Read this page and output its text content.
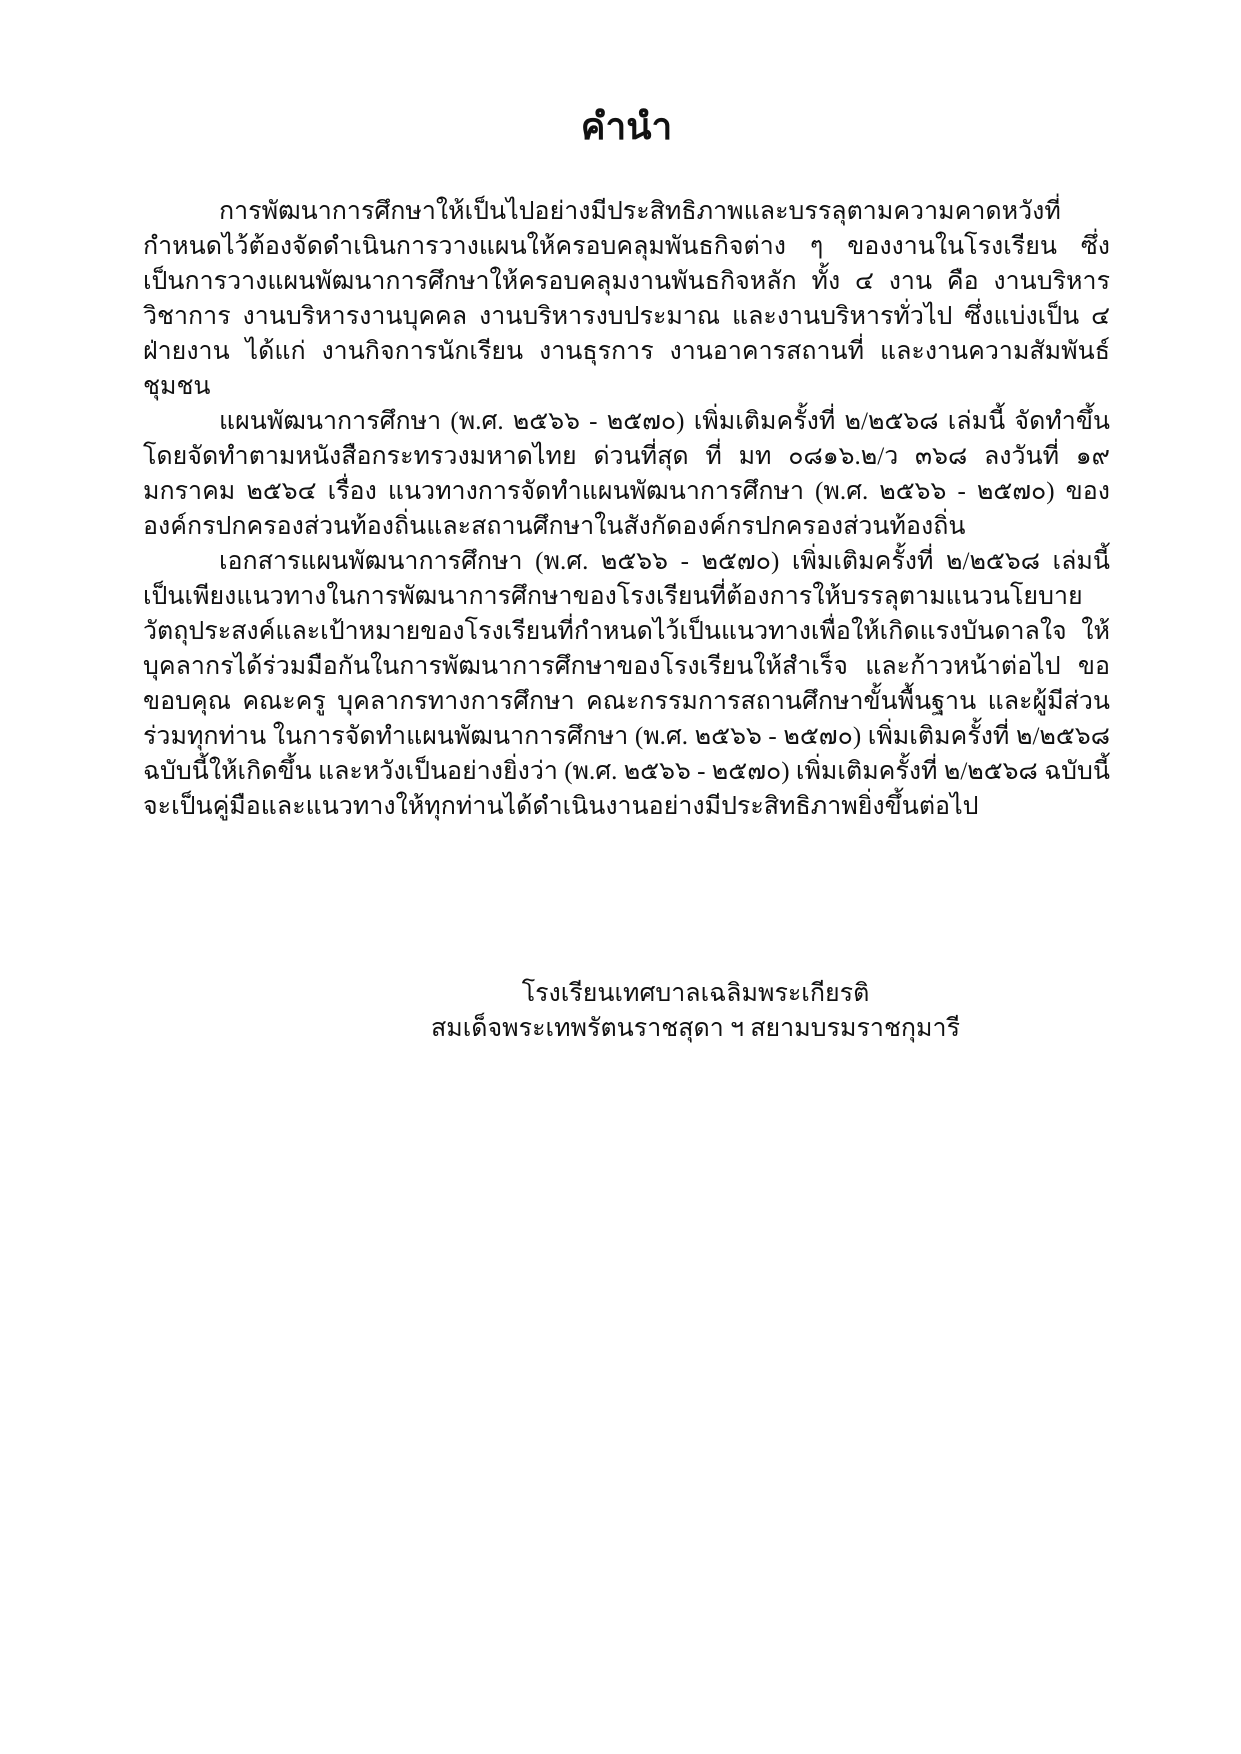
คำนำ

การพัฒนาการศึกษาให้เป็นไปอย่างมีประสิทธิภาพและบรรลุตามความคาดหวังที่กำหนดไว้ต้องจัดดำเนินการวางแผนให้ครอบคลุมพันธกิจต่าง ๆ ของงานในโรงเรียน ซึ่งเป็นการวางแผนพัฒนาการศึกษาให้ครอบคลุมงานพันธกิจหลัก ทั้ง ๔ งาน คือ งานบริหารวิชาการ งานบริหารงานบุคคล งานบริหารงบประมาณ และงานบริหารทั่วไป ซึ่งแบ่งเป็น ๔ ฝ่ายงาน ได้แก่ งานกิจการนักเรียน งานธุรการ งานอาคารสถานที่ และงานความสัมพันธ์ชุมชน

แผนพัฒนาการศึกษา (พ.ศ. ๒๕๖๖ - ๒๕๗๐) เพิ่มเติมครั้งที่ ๒/๒๕๖๘ เล่มนี้ จัดทำขึ้น โดยจัดทำตามหนังสือกระทรวงมหาดไทย ด่วนที่สุด ที่ มท ๐๘๑๖.๒/ว ๓๖๘ ลงวันที่ ๑๙ มกราคม ๒๕๖๔ เรื่อง แนวทางการจัดทำแผนพัฒนาการศึกษา (พ.ศ. ๒๕๖๖ - ๒๕๗๐) ขององค์กรปกครองส่วนท้องถิ่นและสถานศึกษาในสังกัดองค์กรปกครองส่วนท้องถิ่น

เอกสารแผนพัฒนาการศึกษา (พ.ศ. ๒๕๖๖ - ๒๕๗๐) เพิ่มเติมครั้งที่ ๒/๒๕๖๘ เล่มนี้ เป็นเพียงแนวทางในการพัฒนาการศึกษาของโรงเรียนที่ต้องการให้บรรลุตามแนวนโยบาย วัตถุประสงค์และเป้าหมายของโรงเรียนที่กำหนดไว้เป็นแนวทางเพื่อให้เกิดแรงบันดาลใจ ให้บุคลากรได้ร่วมมือกันในการพัฒนาการศึกษาของโรงเรียนให้สำเร็จ และก้าวหน้าต่อไป ขอขอบคุณ คณะครู บุคลากรทางการศึกษา คณะกรรมการสถานศึกษาขั้นพื้นฐาน และผู้มีส่วนร่วมทุกท่าน ในการจัดทำแผนพัฒนาการศึกษา (พ.ศ. ๒๕๖๖ - ๒๕๗๐) เพิ่มเติมครั้งที่ ๒/๒๕๖๘ ฉบับนี้ให้เกิดขึ้น และหวังเป็นอย่างยิ่งว่า (พ.ศ. ๒๕๖๖ - ๒๕๗๐) เพิ่มเติมครั้งที่ ๒/๒๕๖๘ ฉบับนี้ จะเป็นคู่มือและแนวทางให้ทุกท่านได้ดำเนินงานอย่างมีประสิทธิภาพยิ่งขึ้นต่อไป

โรงเรียนเทศบาลเฉลิมพระเกียรติ
สมเด็จพระเทพรัตนราชสุดา ฯ สยามบรมราชกุมารี
